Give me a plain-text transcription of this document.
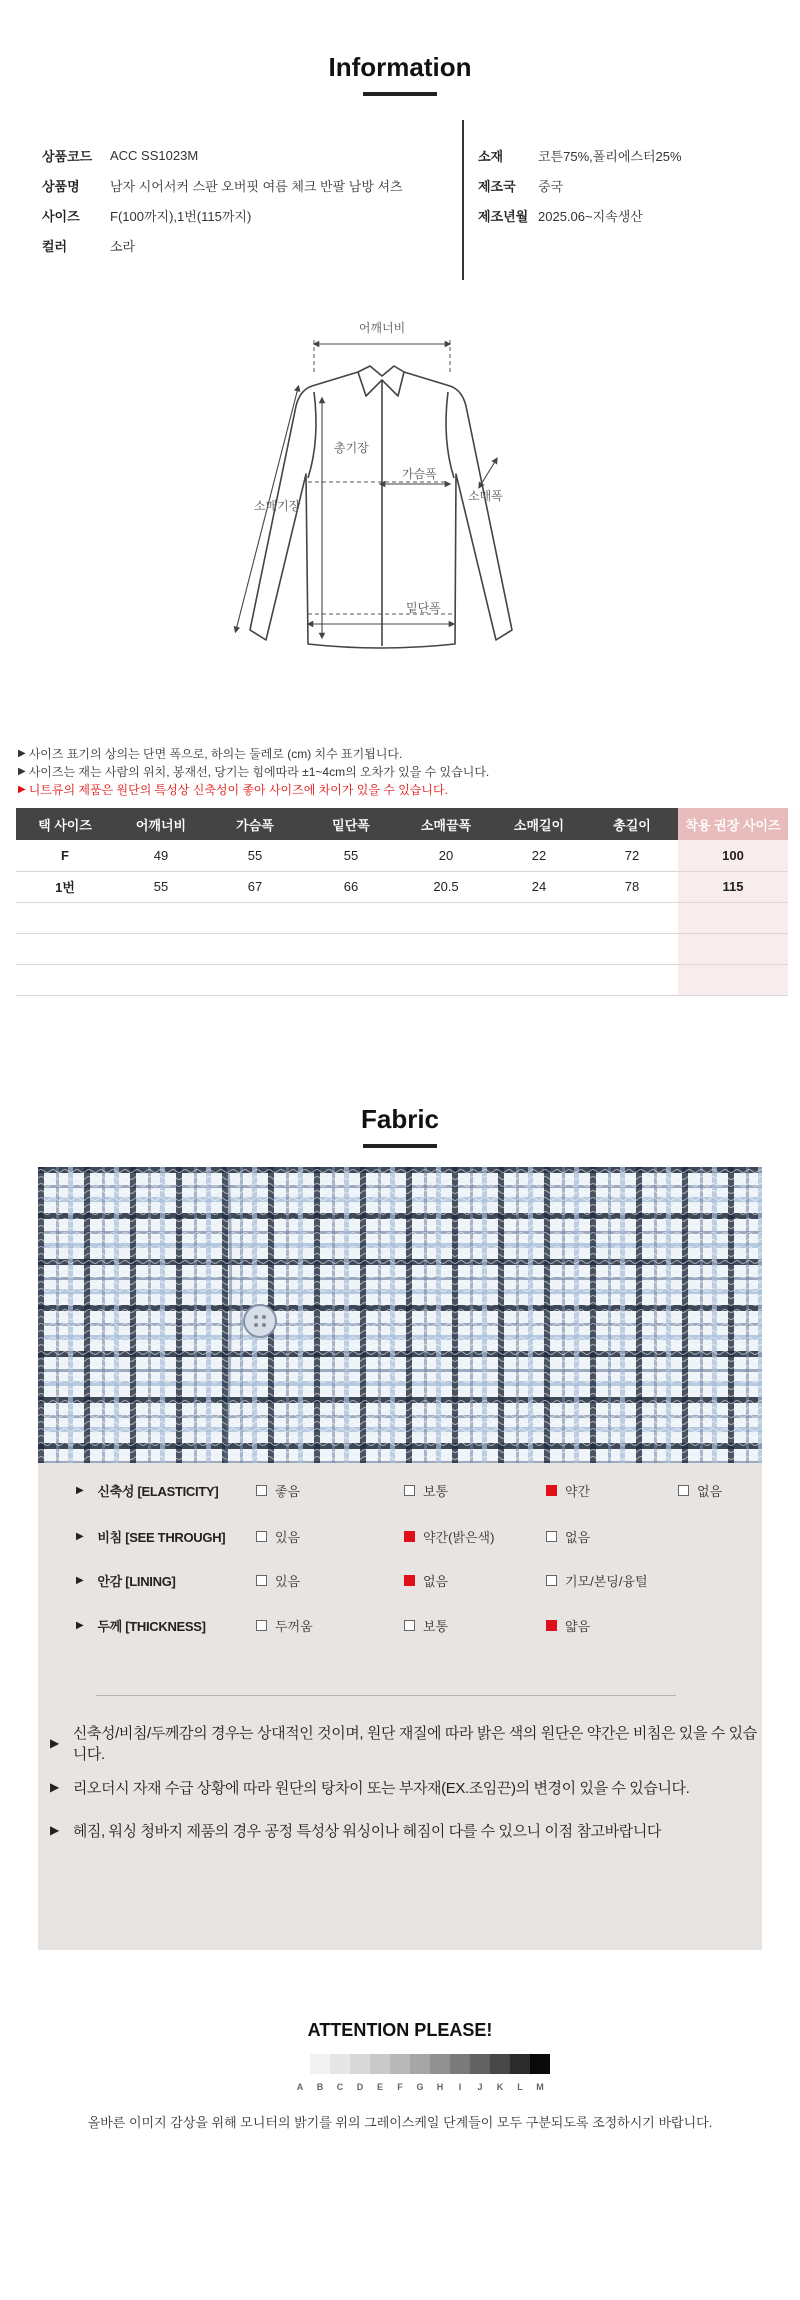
Information
상품코드	ACC SS1023M
상품명	남자 시어서커 스판 오버핏 여름 체크 반팔 남방 셔츠
사이즈	F(100까지),1번(115까지)
컬러	소라
소재	코튼75%,폴리에스터25%
제조국	중국
제조년월 2025.06~지속생산
어깨너비
총기장
가슴폭
소매기장
소매폭
밑단폭
▶ 사이즈 표기의 상의는 단면 폭으로, 하의는 둘레로 (cm) 치수 표기됩니다.
▶ 사이즈는 재는 사람의 위치, 봉재선, 당기는 힘에따라 ±1~4cm의 오차가 있을 수 있습니다.
▶ 니트류의 제품은 원단의 특성상 신축성이 좋아 사이즈에 차이가 있을 수 있습니다.
택 사이즈	어깨너비	가슴폭	밑단폭	소매끝폭	소매길이	총길이	착용 권장 사이즈
F	49	55	55	20	22	72	100
1번	55	67	66	20.5	24	78	115

Fabric
▶ 신축성 [ELASTICITY]	좋음	보통	약간	없음
▶ 비침 [SEE THROUGH]	있음	약간(밝은색)	없음
▶ 안감 [LINING]	있음	없음	기모/본딩/융털
▶ 두께 [THICKNESS]	두꺼움	보통	얇음
▶
신축성/비침/두께감의 경우는 상대적인 것이며, 원단 재질에 따라 밝은 색의 원단은 약간은 비침은 있을 수 있습니다.
▶ 리오더시 자재 수급 상황에 따라 원단의 탕차이 또는 부자재(EX.조임끈)의 변경이 있을 수 있습니다.
▶ 헤짐, 워싱 청바지 제품의 경우 공정 특성상 워싱이나 헤짐이 다를 수 있으니 이점 참고바랍니다
ATTENTION PLEASE!
A	B	C	D	E	F	G	H	I	J	K	L	M
올바른 이미지 감상을 위해 모니터의 밝기를 위의 그레이스케일 단계들이 모두 구분되도록 조정하시기 바랍니다.
